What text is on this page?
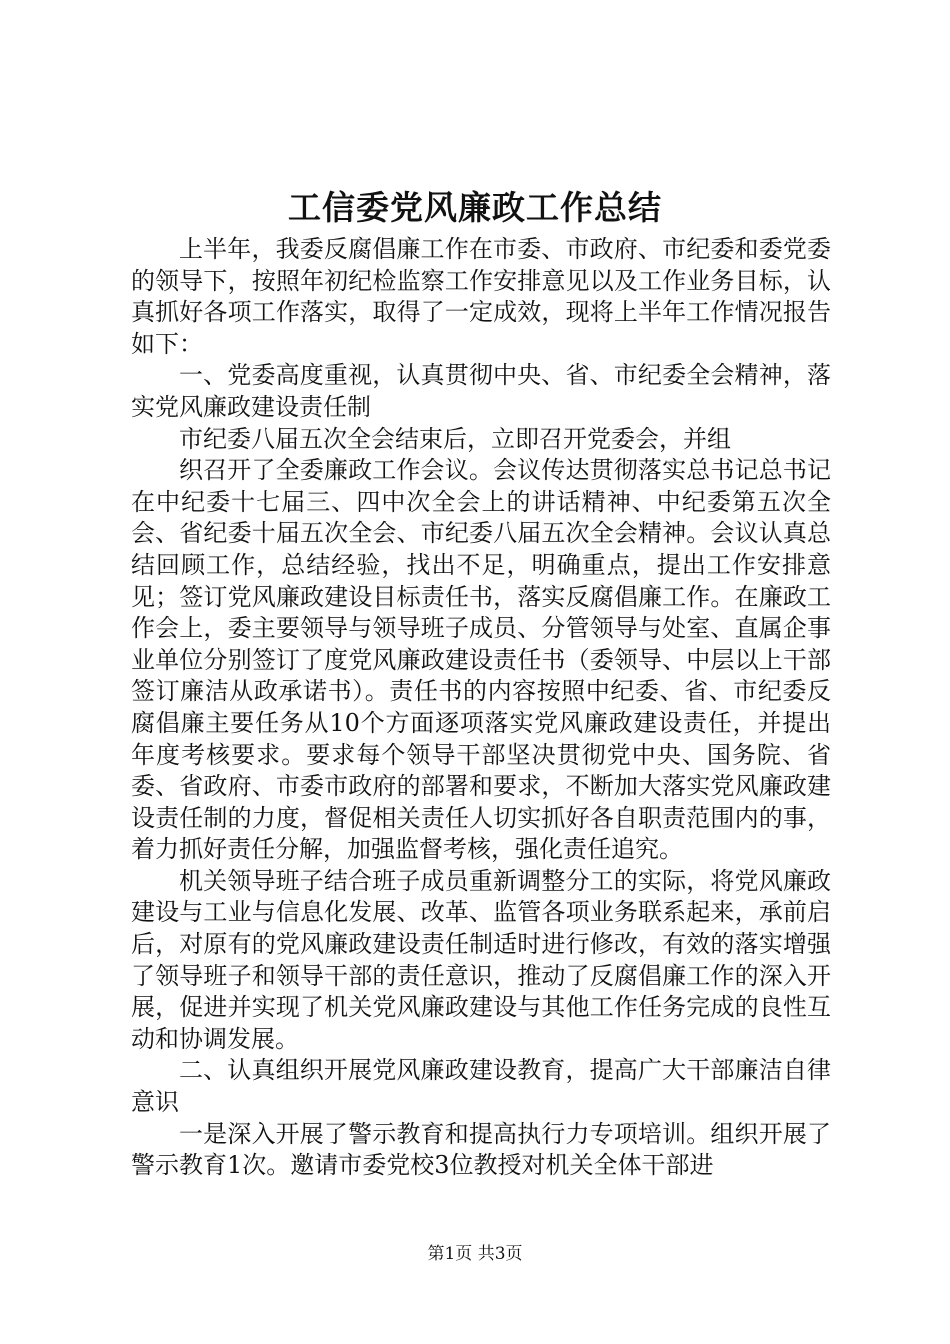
工信委党风廉政工作总结

上半年，我委反腐倡廉工作在市委、市政府、市纪委和委党委的领导下，按照年初纪检监察工作安排意见以及工作业务目标，认真抓好各项工作落实，取得了一定成效，现将上半年工作情况报告如下：

一、党委高度重视，认真贯彻中央、省、市纪委全会精神，落实党风廉政建设责任制

市纪委八届五次全会结束后，立即召开党委会，并组

织召开了全委廉政工作会议。会议传达贯彻落实总书记总书记在中纪委十七届三、四中次全会上的讲话精神、中纪委第五次全会、省纪委十届五次全会、市纪委八届五次全会精神。会议认真总结回顾工作，总结经验，找出不足，明确重点，提出工作安排意见；签订党风廉政建设目标责任书，落实反腐倡廉工作。在廉政工作会上，委主要领导与领导班子成员、分管领导与处室、直属企事业单位分别签订了度党风廉政建设责任书（委领导、中层以上干部签订廉洁从政承诺书）。责任书的内容按照中纪委、省、市纪委反腐倡廉主要任务从10个方面逐项落实党风廉政建设责任，并提出年度考核要求。要求每个领导干部坚决贯彻党中央、国务院、省委、省政府、市委市政府的部署和要求，不断加大落实党风廉政建设责任制的力度，督促相关责任人切实抓好各自职责范围内的事，着力抓好责任分解，加强监督考核，强化责任追究。

机关领导班子结合班子成员重新调整分工的实际，将党风廉政建设与工业与信息化发展、改革、监管各项业务联系起来，承前启后，对原有的党风廉政建设责任制适时进行修改，有效的落实增强了领导班子和领导干部的责任意识，推动了反腐倡廉工作的深入开展，促进并实现了机关党风廉政建设与其他工作任务完成的良性互动和协调发展。

二、认真组织开展党风廉政建设教育，提高广大干部廉洁自律意识

一是深入开展了警示教育和提高执行力专项培训。组织开展了警示教育1次。邀请市委党校3位教授对机关全体干部进

第1页 共3页
